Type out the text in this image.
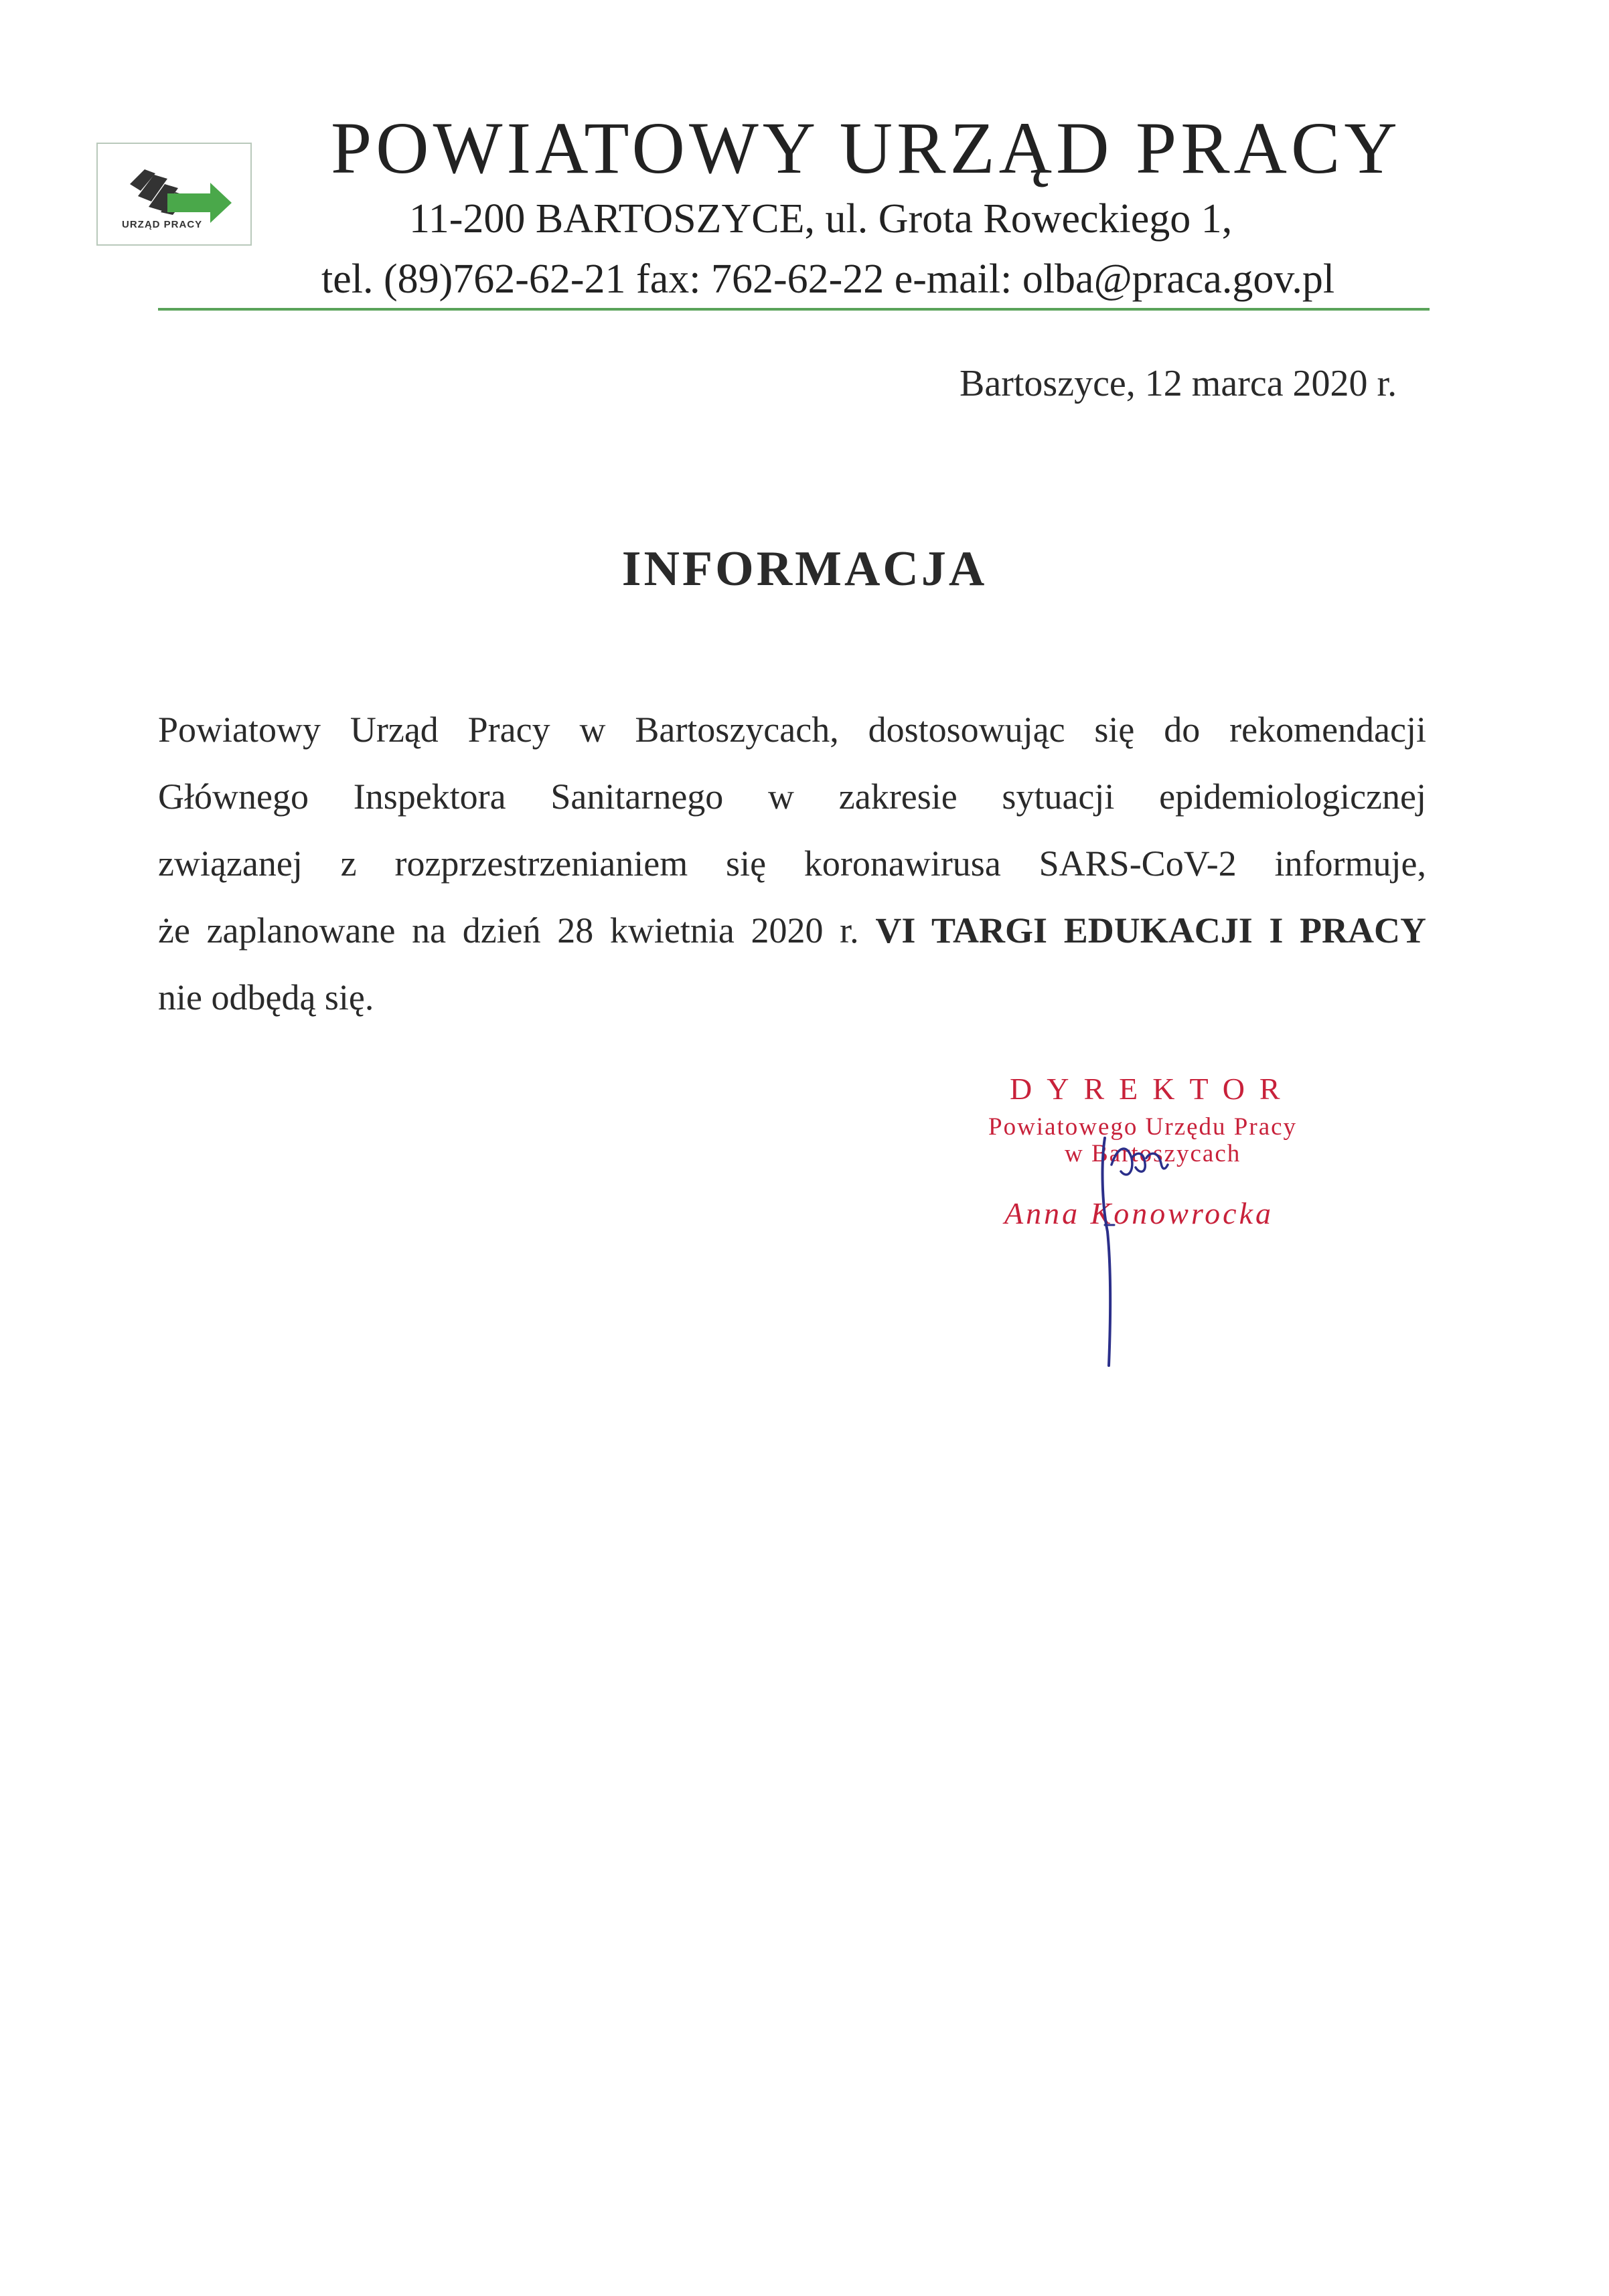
URZĄD PRACY
POWIATOWY URZĄD PRACY
11-200 BARTOSZYCE, ul. Grota Roweckiego 1,
tel. (89)762-62-21 fax: 762-62-22 e-mail: olba@praca.gov.pl
Bartoszyce, 12 marca 2020 r.
INFORMACJA
Powiatowy Urząd Pracy w Bartoszycach, dostosowując się do rekomendacji
Głównego Inspektora Sanitarnego w zakresie sytuacji epidemiologicznej
związanej z rozprzestrzenianiem się koronawirusa SARS-CoV-2 informuje,
że zaplanowane na dzień 28 kwietnia 2020 r. VI TARGI EDUKACJI I PRACY
nie odbędą się.
DYREKTOR
Powiatowego Urzędu Pracy
w Bartoszycach
Anna Konowrocka
